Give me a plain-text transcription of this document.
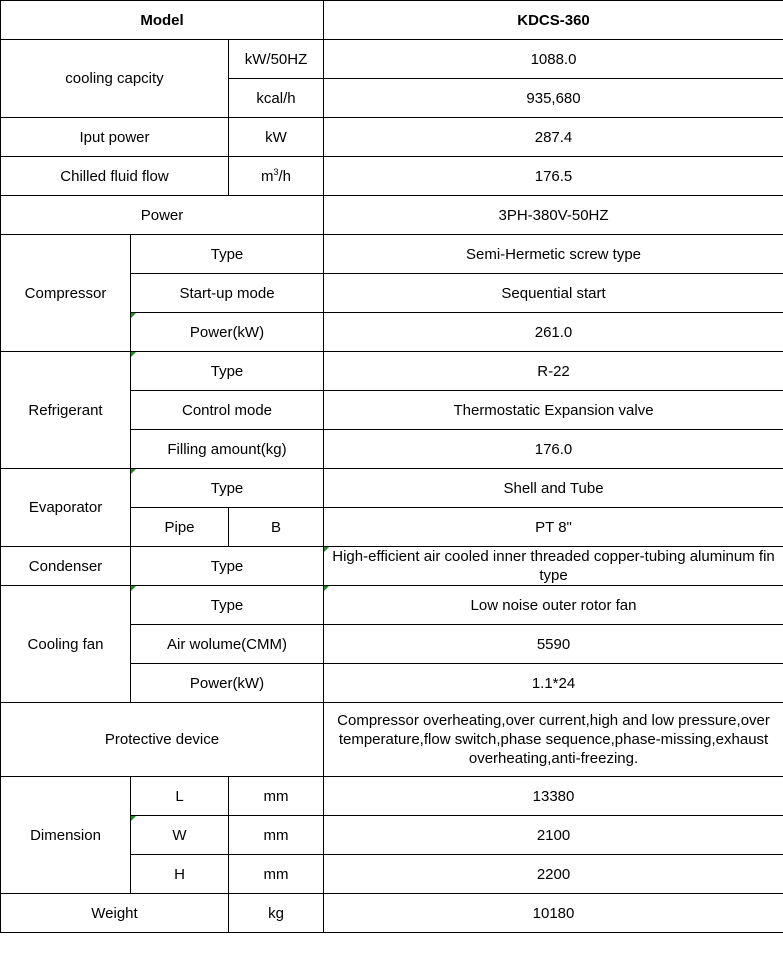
Model			KDCS-360
cooling capcity		kW/50HZ	1088.0
		kcal/h	935,680
Iput power		kW	287.4
Chilled fluid flow		$m^3/h$	176.5
Power			3PH-380V-50HZ
Compressor	Type		Semi-Hermetic screw type
	Start-up mode		Sequential start
	Power(kW)		261.0
Refrigerant	Type		R-22
	Control mode		Thermostatic Expansion valve
	Filling amount(kg)		176.0
Evaporator	Type		Shell and Tube
	Pipe	B	PT 8"
Condenser	Type		High-efficient air cooled inner threaded copper-tubing aluminum fin type
Cooling fan	Type		Low noise outer rotor fan
	Air wolume(CMM)		5590
	Power(kW)		1.1*24
Protective device			Compressor overheating,over current,high and low pressure,over temperature,flow switch,phase sequence,phase-missing,exhaust overheating,anti-freezing.
Dimension	L	mm	13380
	W	mm	2100
	H	mm	2200
Weight		kg	10180
